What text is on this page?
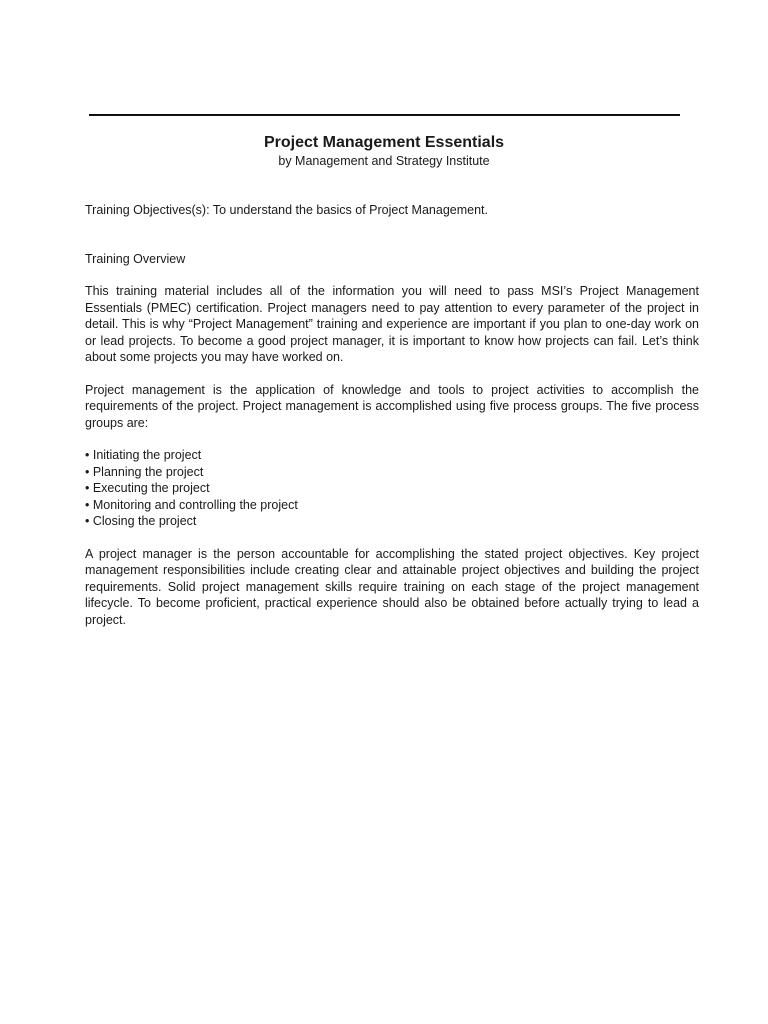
Project Management Essentials
by Management and Strategy Institute

Training Objectives(s): To understand the basics of Project Management.

Training Overview

This training material includes all of the information you will need to pass MSI’s Project Management Essentials (PMEC) certification. Project managers need to pay attention to every parameter of the project in detail. This is why “Project Management” training and experience are important if you plan to one-day work on or lead projects. To become a good project manager, it is important to know how projects can fail. Let’s think about some projects you may have worked on.

Project management is the application of knowledge and tools to project activities to accomplish the requirements of the project. Project management is accomplished using five process groups. The five process groups are:

• Initiating the project
• Planning the project
• Executing the project
• Monitoring and controlling the project
• Closing the project

A project manager is the person accountable for accomplishing the stated project objectives. Key project management responsibilities include creating clear and attainable project objectives and building the project requirements. Solid project management skills require training on each stage of the project management lifecycle. To become proficient, practical experience should also be obtained before actually trying to lead a project.
